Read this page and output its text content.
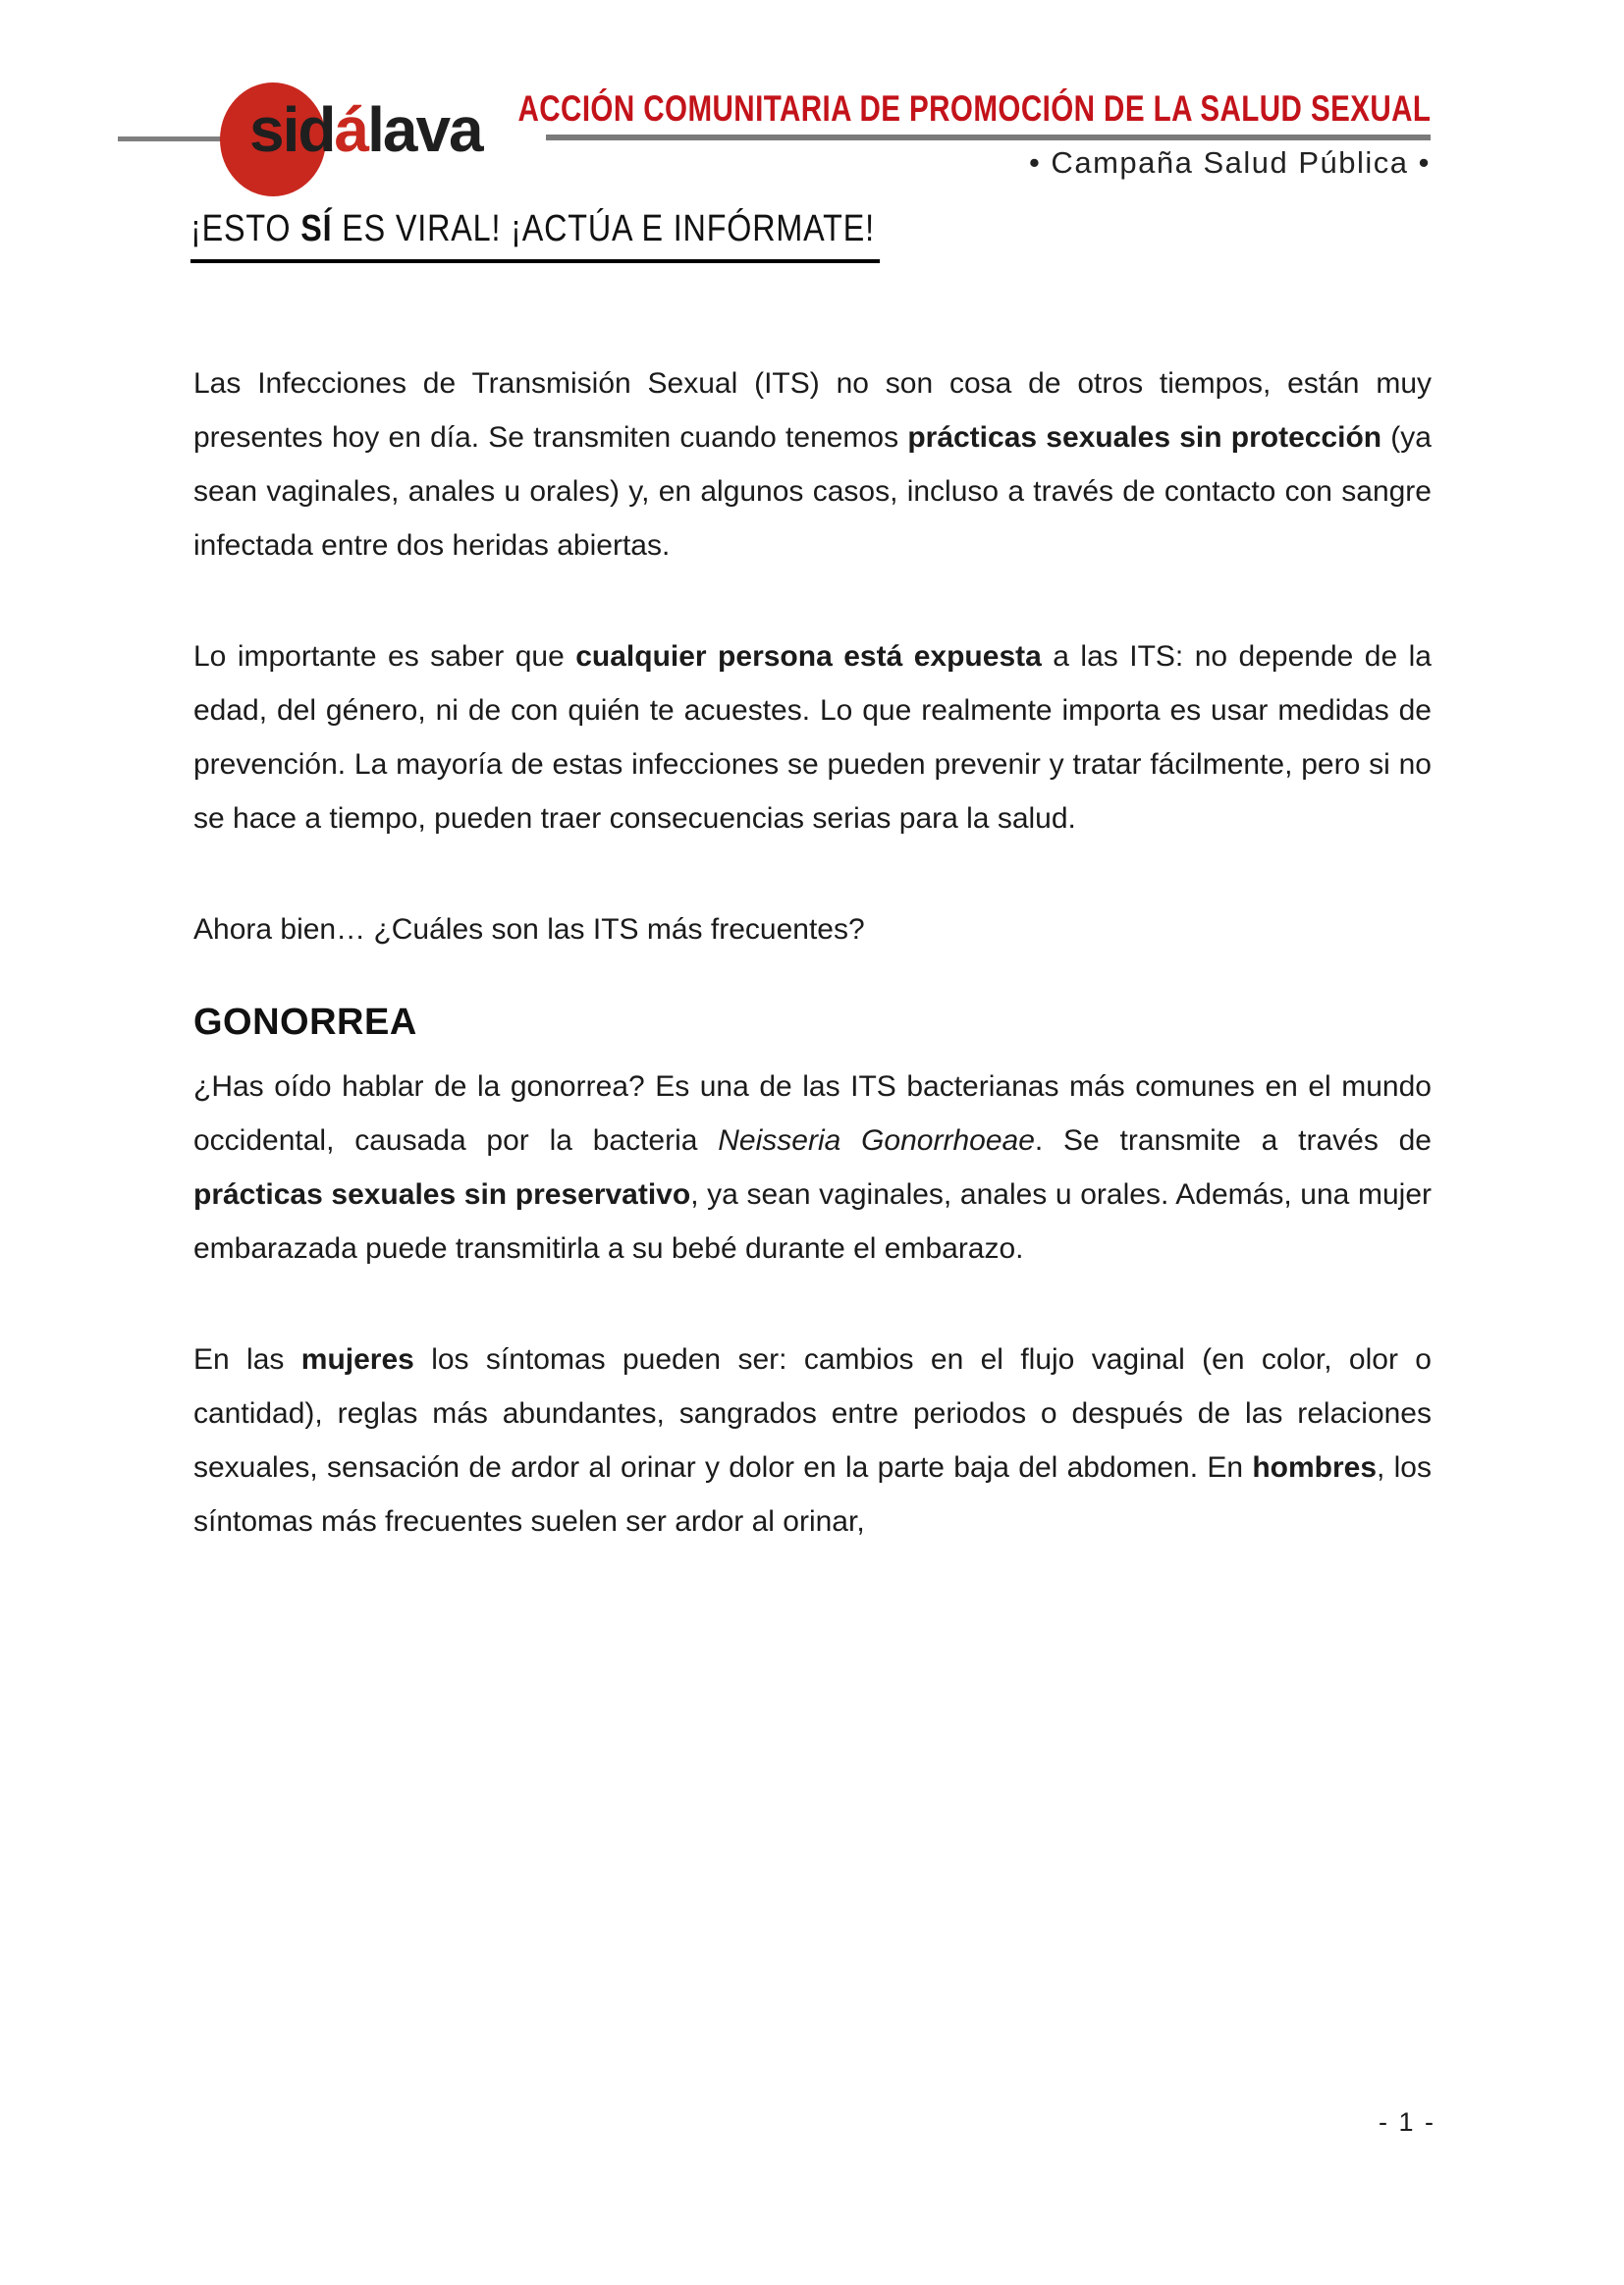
sidálava ACCIÓN COMUNITARIA DE PROMOCIÓN DE LA SALUD SEXUAL
• Campaña Salud Pública •
¡ESTO SÍ ES VIRAL! ¡ACTÚA E INFÓRMATE!

Las Infecciones de Transmisión Sexual (ITS) no son cosa de otros tiempos, están muy presentes hoy en día. Se transmiten cuando tenemos prácticas sexuales sin protección (ya sean vaginales, anales u orales) y, en algunos casos, incluso a través de contacto con sangre infectada entre dos heridas abiertas.

Lo importante es saber que cualquier persona está expuesta a las ITS: no depende de la edad, del género, ni de con quién te acuestes. Lo que realmente importa es usar medidas de prevención. La mayoría de estas infecciones se pueden prevenir y tratar fácilmente, pero si no se hace a tiempo, pueden traer consecuencias serias para la salud.

Ahora bien… ¿Cuáles son las ITS más frecuentes?

GONORREA

¿Has oído hablar de la gonorrea? Es una de las ITS bacterianas más comunes en el mundo occidental, causada por la bacteria Neisseria Gonorrhoeae. Se transmite a través de prácticas sexuales sin preservativo, ya sean vaginales, anales u orales. Además, una mujer embarazada puede transmitirla a su bebé durante el embarazo.

En las mujeres los síntomas pueden ser: cambios en el flujo vaginal (en color, olor o cantidad), reglas más abundantes, sangrados entre periodos o después de las relaciones sexuales, sensación de ardor al orinar y dolor en la parte baja del abdomen. En hombres, los síntomas más frecuentes suelen ser ardor al orinar,

- 1 -
